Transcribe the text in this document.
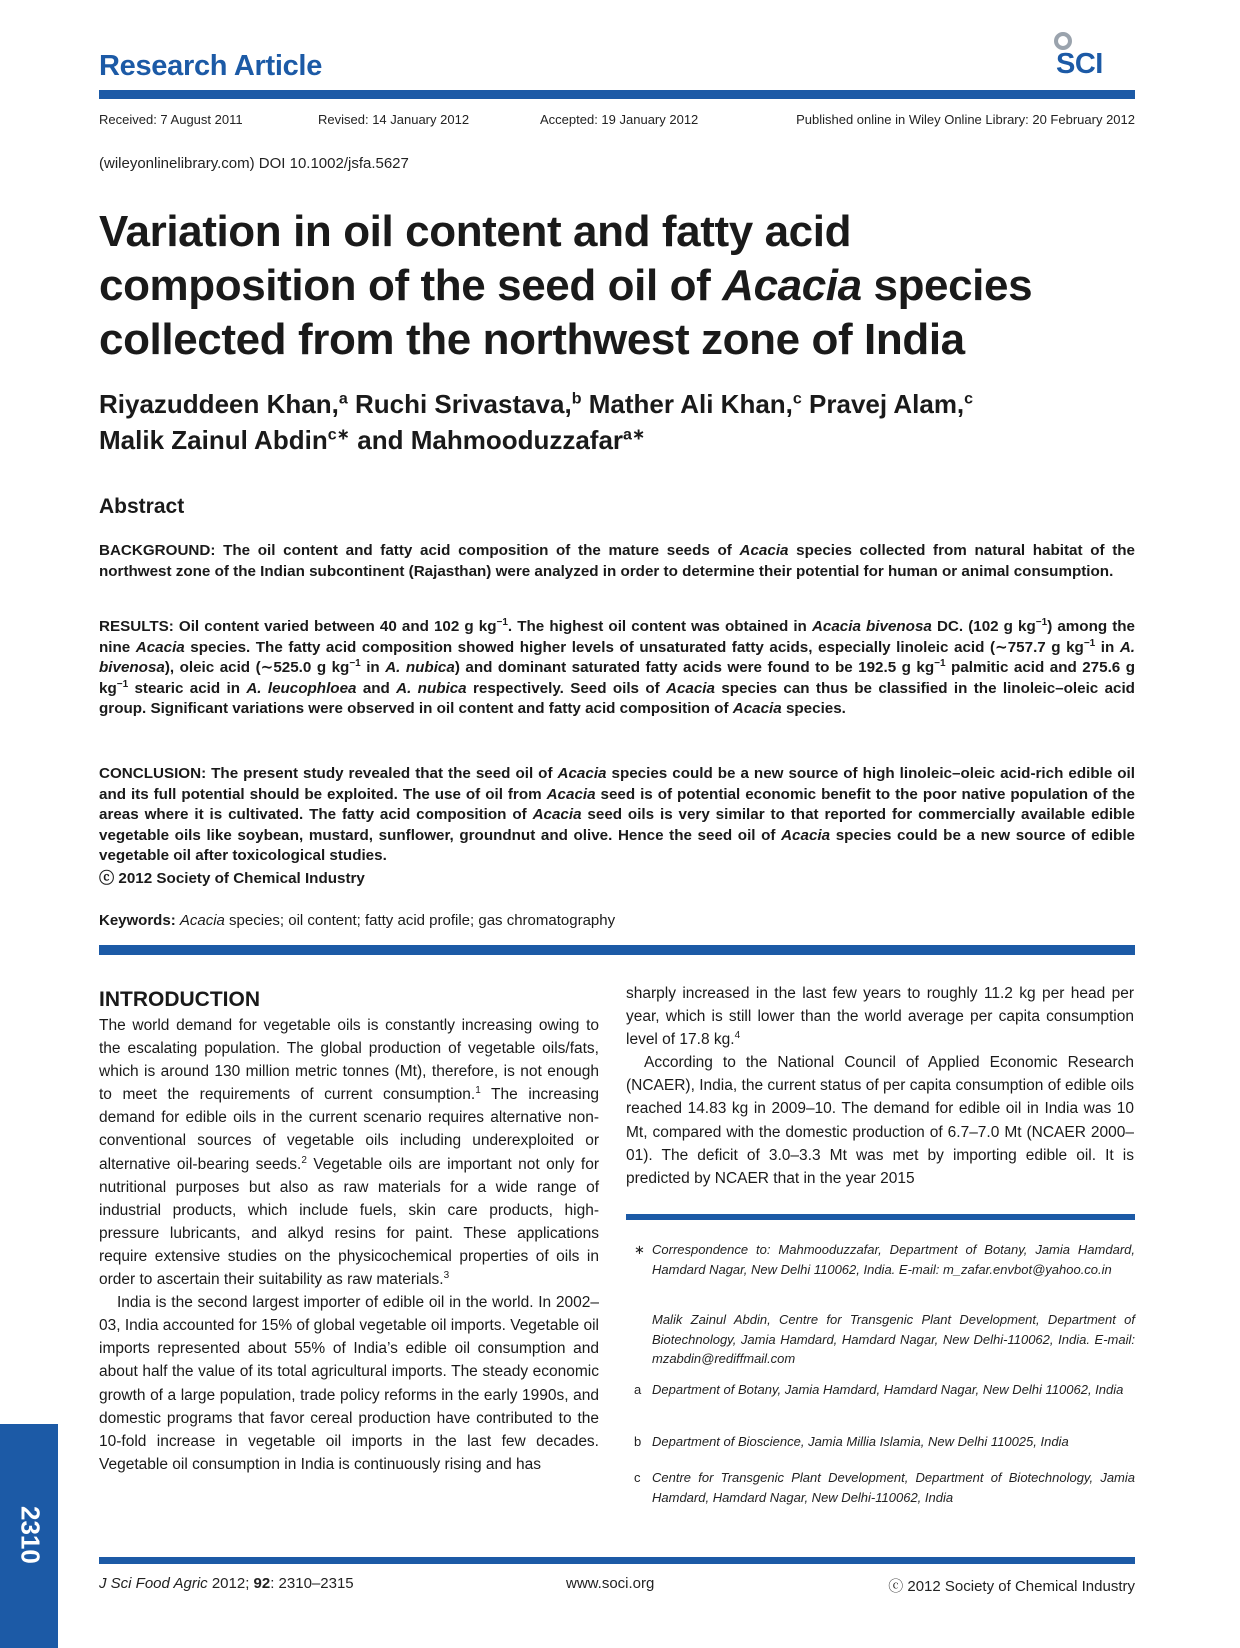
Research Article	SCI
Received: 7 August 2011	Revised: 14 January 2012	Accepted: 19 January 2012	Published online in Wiley Online Library: 20 February 2012
(wileyonlinelibrary.com) DOI 10.1002/jsfa.5627
Variation in oil content and fatty acid
composition of the seed oil of Acacia species
collected from the northwest zone of India
Riyazuddeen Khan,$^a$ Ruchi Srivastava,$^b$ Mather Ali Khan,$^c$ Pravej Alam,$^c$
Malik Zainul Abdin$^{c∗}$ and Mahmooduzzafar$^{a∗}$
Abstract
BACKGROUND: The oil content and fatty acid composition of the mature seeds of Acacia species collected from natural habitat of the northwest zone of the Indian subcontinent (Rajasthan) were analyzed in order to determine their potential for human or animal consumption.
RESULTS: Oil content varied between 40 and 102 g $kg^{-1}$. The highest oil content was obtained in Acacia bivenosa DC. (102 g $kg^{-1}$) among the nine Acacia species. The fatty acid composition showed higher levels of unsaturated fatty acids, especially linoleic acid (∼757.7 g $kg^{-1}$ in A. bivenosa), oleic acid (∼525.0 g $kg^{-1}$ in A. nubica) and dominant saturated fatty acids were found to be 192.5 g $kg^{-1}$ palmitic acid and 275.6 g $kg^{-1}$ stearic acid in A. leucophloea and A. nubica respectively. Seed oils of Acacia species can thus be classified in the linoleic–oleic acid group. Significant variations were observed in oil content and fatty acid composition of Acacia species.
CONCLUSION: The present study revealed that the seed oil of Acacia species could be a new source of high linoleic–oleic acid-rich edible oil and its full potential should be exploited. The use of oil from Acacia seed is of potential economic benefit to the poor native population of the areas where it is cultivated. The fatty acid composition of Acacia seed oils is very similar to that reported for commercially available edible vegetable oils like soybean, mustard, sunflower, groundnut and olive. Hence the seed oil of Acacia species could be a new source of edible vegetable oil after toxicological studies.
ⓒ 2012 Society of Chemical Industry
Keywords: Acacia species; oil content; fatty acid profile; gas chromatography
INTRODUCTION

The world demand for vegetable oils is constantly increasing owing to the escalating population. The global production of vegetable oils/fats, which is around 130 million metric tonnes (Mt), therefore, is not enough to meet the requirements of current consumption.$^1$ The increasing demand for edible oils in the current scenario requires alternative non-conventional sources of vegetable oils including underexploited or alternative oil-bearing seeds.$^2$ Vegetable oils are important not only for nutritional purposes but also as raw materials for a wide range of industrial products, which include fuels, skin care products, high-pressure lubricants, and alkyd resins for paint. These applications require extensive studies on the physicochemical properties of oils in order to ascertain their suitability as raw materials.$^3$

India is the second largest importer of edible oil in the world. In 2002–03, India accounted for 15% of global vegetable oil imports. Vegetable oil imports represented about 55% of India’s edible oil consumption and about half the value of its total agricultural imports. The steady economic growth of a large population, trade policy reforms in the early 1990s, and domestic programs that favor cereal production have contributed to the 10-fold increase in vegetable oil imports in the last few decades. Vegetable oil consumption in India is continuously rising and has

sharply increased in the last few years to roughly 11.2 kg per head per year, which is still lower than the world average per capita consumption level of 17.8 kg.$^4$

According to the National Council of Applied Economic Research (NCAER), India, the current status of per capita consumption of edible oils reached 14.83 kg in 2009–10. The demand for edible oil in India was 10 Mt, compared with the domestic production of 6.7–7.0 Mt (NCAER 2000–01). The deficit of 3.0–3.3 Mt was met by importing edible oil. It is predicted by NCAER that in the year 2015

∗ Correspondence to: Mahmooduzzafar, Department of Botany, Jamia Hamdard, Hamdard Nagar, New Delhi 110062, India. E-mail: m_zafar.envbot@yahoo.co.in
Malik Zainul Abdin, Centre for Transgenic Plant Development, Department of Biotechnology, Jamia Hamdard, Hamdard Nagar, New Delhi-110062, India. E-mail: mzabdin@rediffmail.com
a Department of Botany, Jamia Hamdard, Hamdard Nagar, New Delhi 110062, India
b Department of Bioscience, Jamia Millia Islamia, New Delhi 110025, India
c Centre for Transgenic Plant Development, Department of Biotechnology, Jamia Hamdard, Hamdard Nagar, New Delhi-110062, India
2310
J Sci Food Agric 2012; 92: 2310–2315	www.soci.org	ⓒ 2012 Society of Chemical Industry
